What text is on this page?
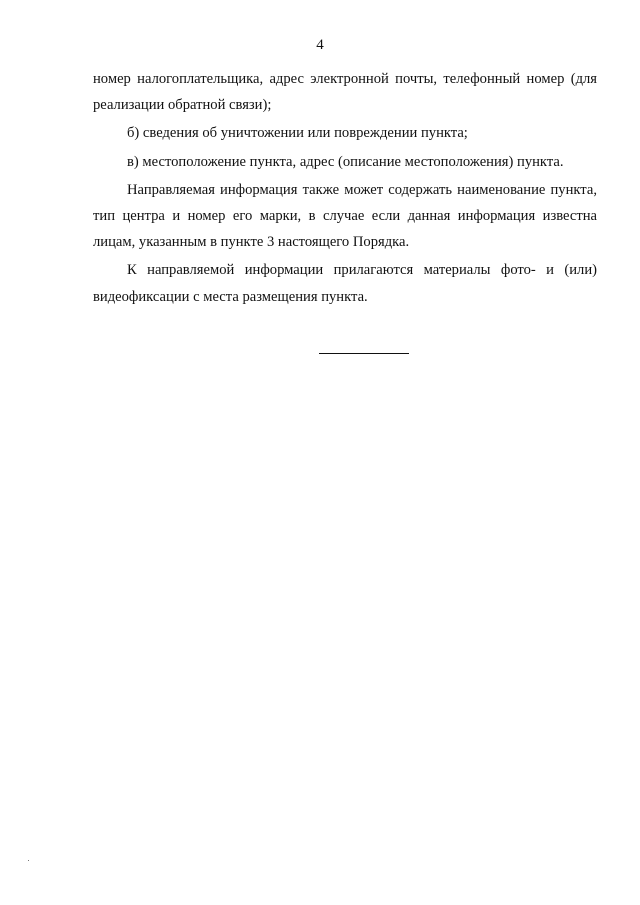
4

номер налогоплательщика, адрес электронной почты, телефонный номер (для реализации обратной связи);

б) сведения об уничтожении или повреждении пункта;

в) местоположение пункта, адрес (описание местоположения) пункта.

Направляемая информация также может содержать наименование пункта, тип центра и номер его марки, в случае если данная информация известна лицам, указанным в пункте 3 настоящего Порядка.

К направляемой информации прилагаются материалы фото- и (или) видеофиксации с места размещения пункта.
